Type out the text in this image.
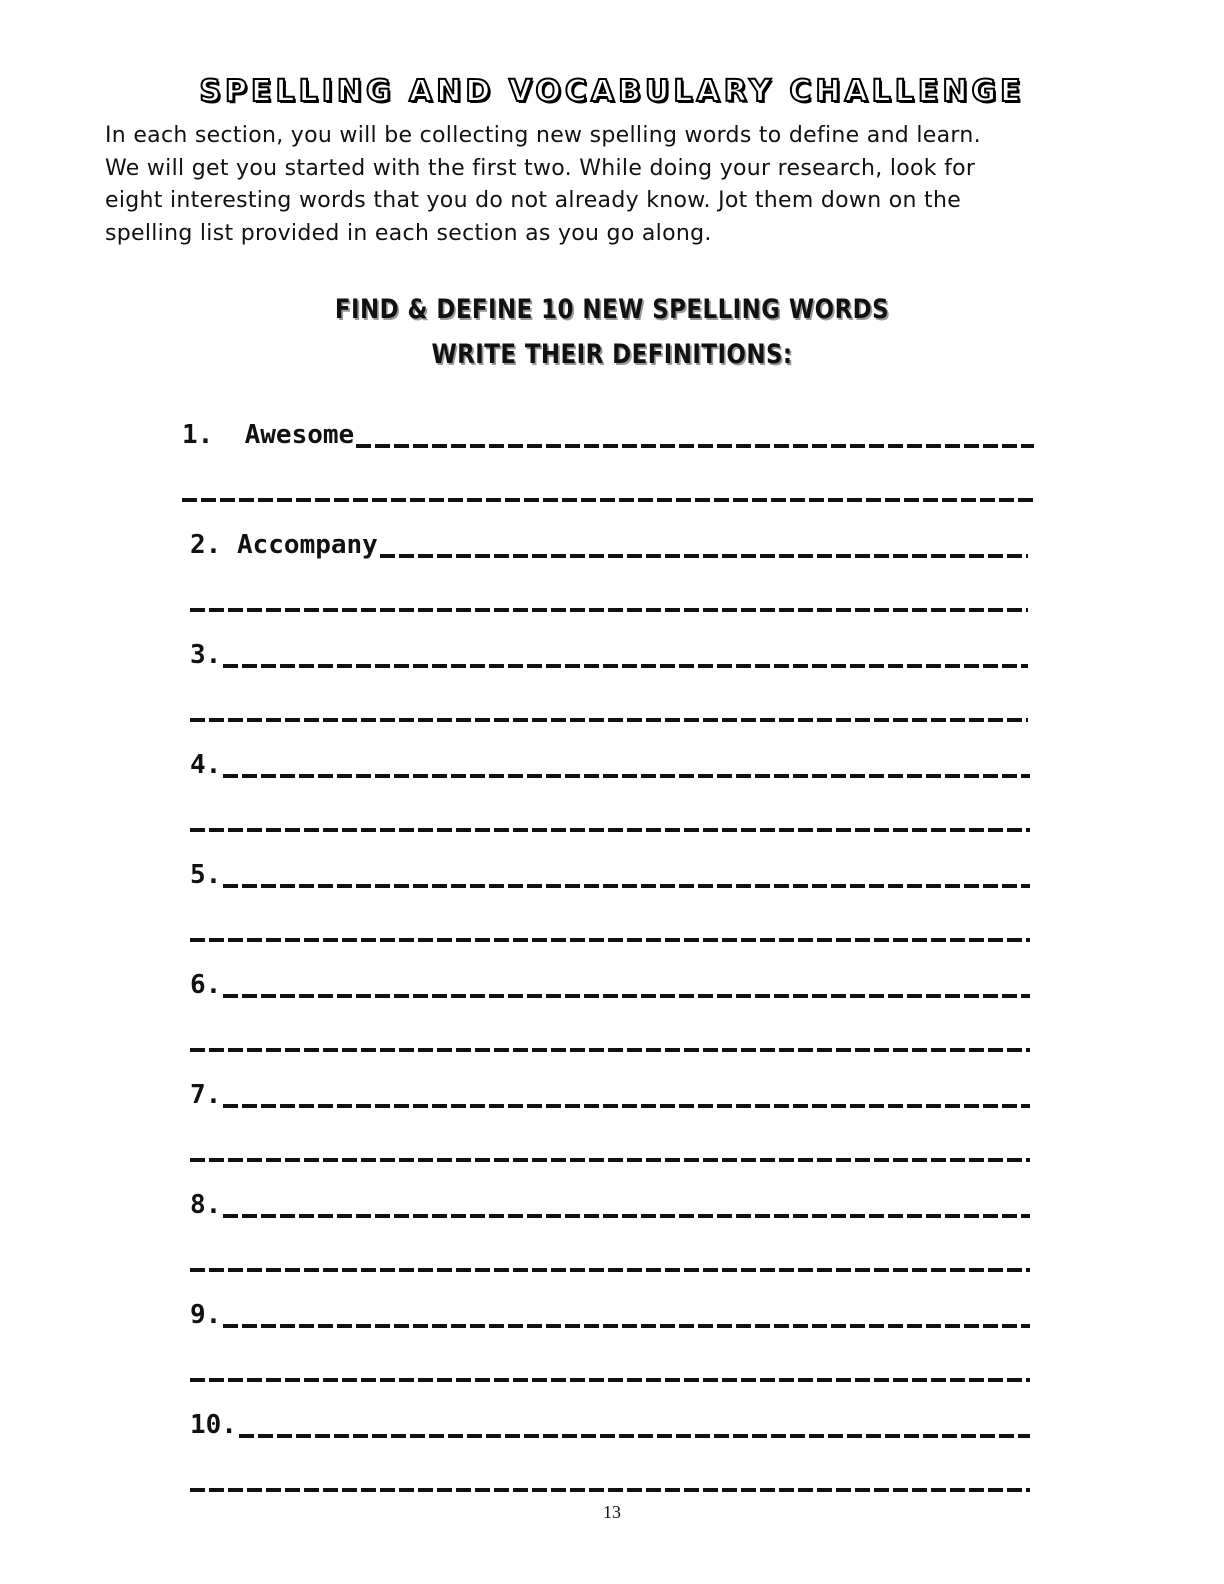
SPELLING AND VOCABULARY CHALLENGE
In each section, you will be collecting new spelling words to define and learn.
We will get you started with the first two. While doing your research, look for
eight interesting words that you do not already know. Jot them down on the
spelling list provided in each section as you go along.
FIND & DEFINE 10 NEW SPELLING WORDS
WRITE THEIR DEFINITIONS:
1.  Awesome
2. Accompany
3.
4.
5.
6.
7.
8.
9.
10.
13
